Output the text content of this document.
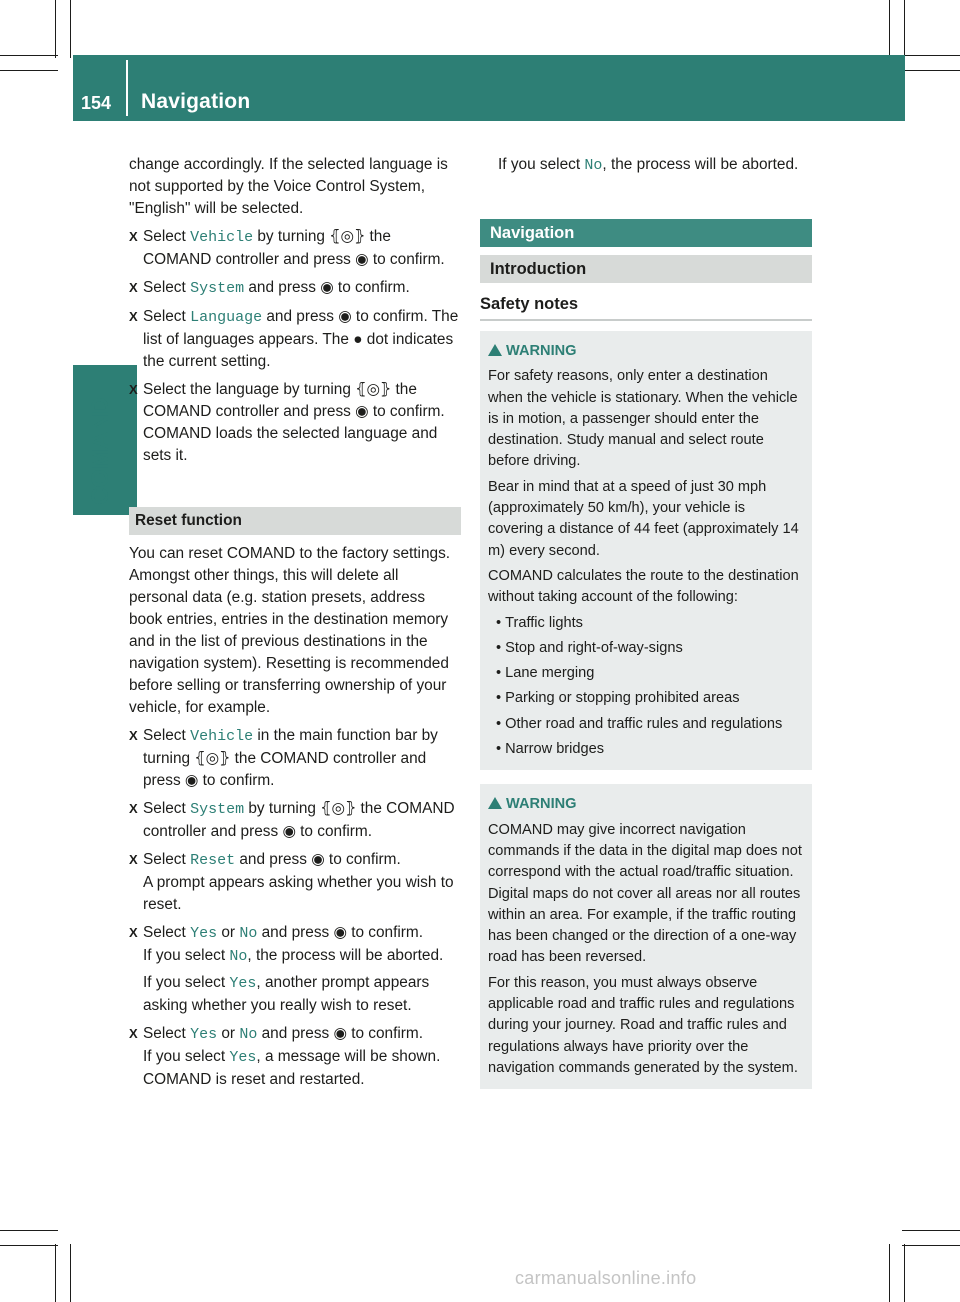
154 Navigation
COMAND

change accordingly. If the selected language is not supported by the Voice Control System, "English" will be selected.

X Select Vehicle by turning ⦃◎⦄ the COMAND controller and press ◉ to confirm.
X Select System and press ◉ to confirm.
X Select Language and press ◉ to confirm. The list of languages appears. The ● dot indicates the current setting.
X Select the language by turning ⦃◎⦄ the COMAND controller and press ◉ to confirm.

COMAND loads the selected language and sets it.

Reset function

You can reset COMAND to the factory settings. Amongst other things, this will delete all personal data (e.g. station presets, address book entries, entries in the destination memory and in the list of previous destinations in the navigation system). Resetting is recommended before selling or transferring ownership of your vehicle, for example.

X Select Vehicle in the main function bar by turning ⦃◎⦄ the COMAND controller and press ◉ to confirm.
X Select System by turning ⦃◎⦄ the COMAND controller and press ◉ to confirm.
X Select Reset and press ◉ to confirm.

A prompt appears asking whether you wish to reset.

X Select Yes or No and press ◉ to confirm.

If you select No, the process will be aborted.

If you select Yes, another prompt appears asking whether you really wish to reset.

X Select Yes or No and press ◉ to confirm.

If you select Yes, a message will be shown. COMAND is reset and restarted.

If you select No, the process will be aborted.

Navigation
Introduction
Safety notes
WARNING

For safety reasons, only enter a destination when the vehicle is stationary. When the vehicle is in motion, a passenger should enter the destination. Study manual and select route before driving.

Bear in mind that at a speed of just 30 mph (approximately 50 km/h), your vehicle is covering a distance of 44 feet (approximately 14 m) every second.

COMAND calculates the route to the destination without taking account of the following:

• Traffic lights
• Stop and right-of-way-signs
• Lane merging
• Parking or stopping prohibited areas
• Other road and traffic rules and regulations
• Narrow bridges
WARNING

COMAND may give incorrect navigation commands if the data in the digital map does not correspond with the actual road/traffic situation. Digital maps do not cover all areas nor all routes within an area. For example, if the traffic routing has been changed or the direction of a one-way road has been reversed.

For this reason, you must always observe applicable road and traffic rules and regulations during your journey. Road and traffic rules and regulations always have priority over the navigation commands generated by the system.

carmanualsonline.info
